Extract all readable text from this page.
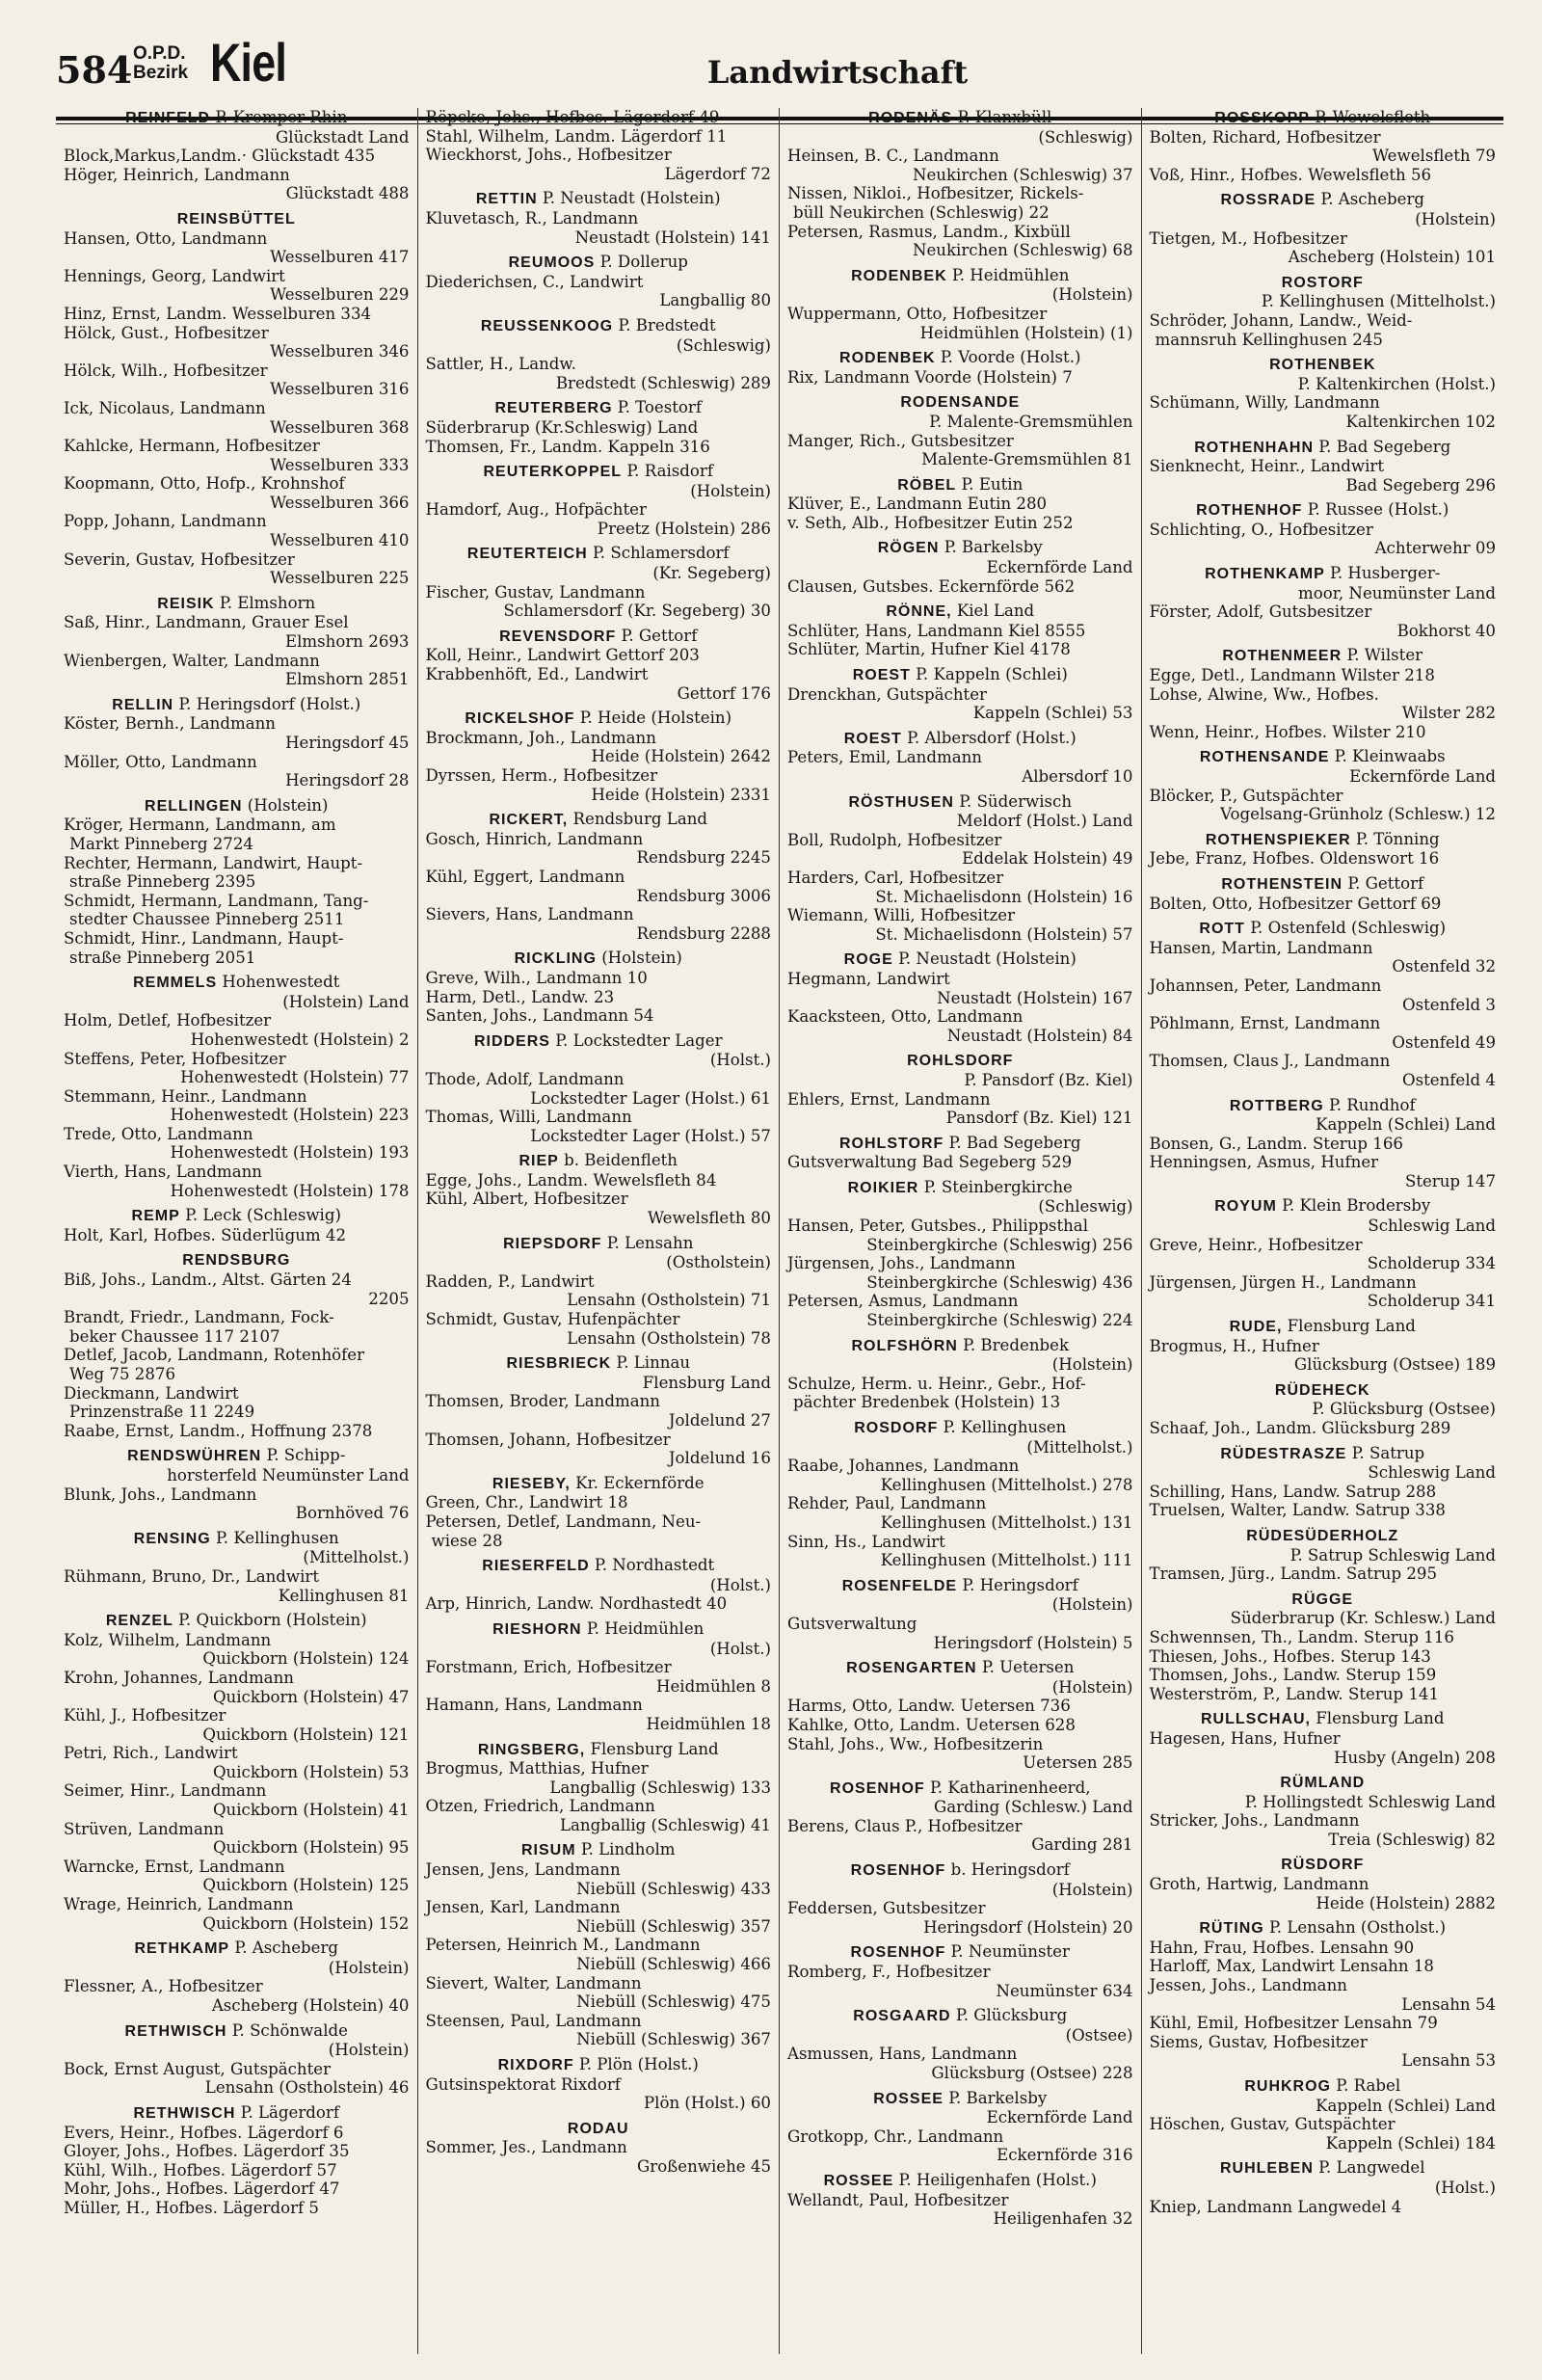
584 O.P.D.
Bezirk Kiel	Landwirtschaft
REINFELD P. Kremper Rhin
Glückstadt Land
Block,Markus,Landm.· Glückstadt 435
Höger, Heinrich, Landmann
Glückstadt 488
REINSBÜTTEL
Hansen, Otto, Landmann
Wesselburen 417
Hennings, Georg, Landwirt
Wesselburen 229
Hinz, Ernst, Landm. Wesselburen 334
Hölck, Gust., Hofbesitzer
Wesselburen 346
Hölck, Wilh., Hofbesitzer
Wesselburen 316
Ick, Nicolaus, Landmann
Wesselburen 368
Kahlcke, Hermann, Hofbesitzer
Wesselburen 333
Koopmann, Otto, Hofp., Krohnshof
Wesselburen 366
Popp, Johann, Landmann
Wesselburen 410
Severin, Gustav, Hofbesitzer
Wesselburen 225
REISIK P. Elmshorn
Saß, Hinr., Landmann, Grauer Esel
Elmshorn 2693
Wienbergen, Walter, Landmann
Elmshorn 2851
RELLIN P. Heringsdorf (Holst.)
Köster, Bernh., Landmann
Heringsdorf 45
Möller, Otto, Landmann
Heringsdorf 28
RELLINGEN (Holstein)
Kröger, Hermann, Landmann, am
Markt Pinneberg 2724
Rechter, Hermann, Landwirt, Haupt-
straße Pinneberg 2395
Schmidt, Hermann, Landmann, Tang-
stedter Chaussee Pinneberg 2511
Schmidt, Hinr., Landmann, Haupt-
straße Pinneberg 2051
REMMELS Hohenwestedt
(Holstein) Land
Holm, Detlef, Hofbesitzer
Hohenwestedt (Holstein) 2
Steffens, Peter, Hofbesitzer
Hohenwestedt (Holstein) 77
Stemmann, Heinr., Landmann
Hohenwestedt (Holstein) 223
Trede, Otto, Landmann
Hohenwestedt (Holstein) 193
Vierth, Hans, Landmann
Hohenwestedt (Holstein) 178
REMP P. Leck (Schleswig)
Holt, Karl, Hofbes. Süderlügum 42
RENDSBURG
Biß, Johs., Landm., Altst. Gärten 24
2205
Brandt, Friedr., Landmann, Fock-
beker Chaussee 117 2107
Detlef, Jacob, Landmann, Rotenhöfer
Weg 75 2876
Dieckmann, Landwirt
Prinzenstraße 11 2249
Raabe, Ernst, Landm., Hoffnung 2378
RENDSWÜHREN P. Schipp-
horsterfeld Neumünster Land
Blunk, Johs., Landmann
Bornhöved 76
RENSING P. Kellinghusen
(Mittelholst.)
Rühmann, Bruno, Dr., Landwirt
Kellinghusen 81
RENZEL P. Quickborn (Holstein)
Kolz, Wilhelm, Landmann
Quickborn (Holstein) 124
Krohn, Johannes, Landmann
Quickborn (Holstein) 47
Kühl, J., Hofbesitzer
Quickborn (Holstein) 121
Petri, Rich., Landwirt
Quickborn (Holstein) 53
Seimer, Hinr., Landmann
Quickborn (Holstein) 41
Strüven, Landmann
Quickborn (Holstein) 95
Warncke, Ernst, Landmann
Quickborn (Holstein) 125
Wrage, Heinrich, Landmann
Quickborn (Holstein) 152
RETHKAMP P. Ascheberg
(Holstein)
Flessner, A., Hofbesitzer
Ascheberg (Holstein) 40
RETHWISCH P. Schönwalde
(Holstein)
Bock, Ernst August, Gutspächter
Lensahn (Ostholstein) 46
RETHWISCH P. Lägerdorf
Evers, Heinr., Hofbes. Lägerdorf 6
Gloyer, Johs., Hofbes. Lägerdorf 35
Kühl, Wilh., Hofbes. Lägerdorf 57
Mohr, Johs., Hofbes. Lägerdorf 47
Müller, H., Hofbes. Lägerdorf 5
Röpcke, Johs., Hofbes. Lägerdorf 49
Stahl, Wilhelm, Landm. Lägerdorf 11
Wieckhorst, Johs., Hofbesitzer
Lägerdorf 72
RETTIN P. Neustadt (Holstein)
Kluvetasch, R., Landmann
Neustadt (Holstein) 141
REUMOOS P. Dollerup
Diederichsen, C., Landwirt
Langballig 80
REUSSENKOOG P. Bredstedt
(Schleswig)
Sattler, H., Landw.
Bredstedt (Schleswig) 289
REUTERBERG P. Toestorf
Süderbrarup (Kr.Schleswig) Land
Thomsen, Fr., Landm. Kappeln 316
REUTERKOPPEL P. Raisdorf
(Holstein)
Hamdorf, Aug., Hofpächter
Preetz (Holstein) 286
REUTERTEICH P. Schlamersdorf
(Kr. Segeberg)
Fischer, Gustav, Landmann
Schlamersdorf (Kr. Segeberg) 30
REVENSDORF P. Gettorf
Koll, Heinr., Landwirt Gettorf 203
Krabbenhöft, Ed., Landwirt
Gettorf 176
RICKELSHOF P. Heide (Holstein)
Brockmann, Joh., Landmann
Heide (Holstein) 2642
Dyrssen, Herm., Hofbesitzer
Heide (Holstein) 2331
RICKERT, Rendsburg Land
Gosch, Hinrich, Landmann
Rendsburg 2245
Kühl, Eggert, Landmann
Rendsburg 3006
Sievers, Hans, Landmann
Rendsburg 2288
RICKLING (Holstein)
Greve, Wilh., Landmann 10
Harm, Detl., Landw. 23
Santen, Johs., Landmann 54
RIDDERS P. Lockstedter Lager
(Holst.)
Thode, Adolf, Landmann
Lockstedter Lager (Holst.) 61
Thomas, Willi, Landmann
Lockstedter Lager (Holst.) 57
RIEP b. Beidenfleth
Egge, Johs., Landm. Wewelsfleth 84
Kühl, Albert, Hofbesitzer
Wewelsfleth 80
RIEPSDORF P. Lensahn
(Ostholstein)
Radden, P., Landwirt
Lensahn (Ostholstein) 71
Schmidt, Gustav, Hufenpächter
Lensahn (Ostholstein) 78
RIESBRIECK P. Linnau
Flensburg Land
Thomsen, Broder, Landmann
Joldelund 27
Thomsen, Johann, Hofbesitzer
Joldelund 16
RIESEBY, Kr. Eckernförde
Green, Chr., Landwirt 18
Petersen, Detlef, Landmann, Neu-
wiese 28
RIESERFELD P. Nordhastedt
(Holst.)
Arp, Hinrich, Landw. Nordhastedt 40
RIESHORN P. Heidmühlen
(Holst.)
Forstmann, Erich, Hofbesitzer
Heidmühlen 8
Hamann, Hans, Landmann
Heidmühlen 18
RINGSBERG, Flensburg Land
Brogmus, Matthias, Hufner
Langballig (Schleswig) 133
Otzen, Friedrich, Landmann
Langballig (Schleswig) 41
RISUM P. Lindholm
Jensen, Jens, Landmann
Niebüll (Schleswig) 433
Jensen, Karl, Landmann
Niebüll (Schleswig) 357
Petersen, Heinrich M., Landmann
Niebüll (Schleswig) 466
Sievert, Walter, Landmann
Niebüll (Schleswig) 475
Steensen, Paul, Landmann
Niebüll (Schleswig) 367
RIXDORF P. Plön (Holst.)
Gutsinspektorat Rixdorf
Plön (Holst.) 60
RODAU
Sommer, Jes., Landmann
Großenwiehe 45
RODENÄS P. Klanxbüll
(Schleswig)
Heinsen, B. C., Landmann
Neukirchen (Schleswig) 37
Nissen, Nikloi., Hofbesitzer, Rickels-
büll Neukirchen (Schleswig) 22
Petersen, Rasmus, Landm., Kixbüll
Neukirchen (Schleswig) 68
RODENBEK P. Heidmühlen
(Holstein)
Wuppermann, Otto, Hofbesitzer
Heidmühlen (Holstein) (1)
RODENBEK P. Voorde (Holst.)
Rix, Landmann Voorde (Holstein) 7
RODENSANDE
P. Malente-Gremsmühlen
Manger, Rich., Gutsbesitzer
Malente-Gremsmühlen 81
RÖBEL P. Eutin
Klüver, E., Landmann Eutin 280
v. Seth, Alb., Hofbesitzer Eutin 252
RÖGEN P. Barkelsby
Eckernförde Land
Clausen, Gutsbes. Eckernförde 562
RÖNNE, Kiel Land
Schlüter, Hans, Landmann Kiel 8555
Schlüter, Martin, Hufner Kiel 4178
ROEST P. Kappeln (Schlei)
Drenckhan, Gutspächter
Kappeln (Schlei) 53
ROEST P. Albersdorf (Holst.)
Peters, Emil, Landmann
Albersdorf 10
RÖSTHUSEN P. Süderwisch
Meldorf (Holst.) Land
Boll, Rudolph, Hofbesitzer
Eddelak Holstein) 49
Harders, Carl, Hofbesitzer
St. Michaelisdonn (Holstein) 16
Wiemann, Willi, Hofbesitzer
St. Michaelisdonn (Holstein) 57
ROGE P. Neustadt (Holstein)
Hegmann, Landwirt
Neustadt (Holstein) 167
Kaacksteen, Otto, Landmann
Neustadt (Holstein) 84
ROHLSDORF
P. Pansdorf (Bz. Kiel)
Ehlers, Ernst, Landmann
Pansdorf (Bz. Kiel) 121
ROHLSTORF P. Bad Segeberg
Gutsverwaltung Bad Segeberg 529
ROIKIER P. Steinbergkirche
(Schleswig)
Hansen, Peter, Gutsbes., Philippsthal
Steinbergkirche (Schleswig) 256
Jürgensen, Johs., Landmann
Steinbergkirche (Schleswig) 436
Petersen, Asmus, Landmann
Steinbergkirche (Schleswig) 224
ROLFSHÖRN P. Bredenbek
(Holstein)
Schulze, Herm. u. Heinr., Gebr., Hof-
pächter Bredenbek (Holstein) 13
ROSDORF P. Kellinghusen
(Mittelholst.)
Raabe, Johannes, Landmann
Kellinghusen (Mittelholst.) 278
Rehder, Paul, Landmann
Kellinghusen (Mittelholst.) 131
Sinn, Hs., Landwirt
Kellinghusen (Mittelholst.) 111
ROSENFELDE P. Heringsdorf
(Holstein)
Gutsverwaltung
Heringsdorf (Holstein) 5
ROSENGARTEN P. Uetersen
(Holstein)
Harms, Otto, Landw. Uetersen 736
Kahlke, Otto, Landm. Uetersen 628
Stahl, Johs., Ww., Hofbesitzerin
Uetersen 285
ROSENHOF P. Katharinenheerd,
Garding (Schlesw.) Land
Berens, Claus P., Hofbesitzer
Garding 281
ROSENHOF b. Heringsdorf
(Holstein)
Feddersen, Gutsbesitzer
Heringsdorf (Holstein) 20
ROSENHOF P. Neumünster
Romberg, F., Hofbesitzer
Neumünster 634
ROSGAARD P. Glücksburg
(Ostsee)
Asmussen, Hans, Landmann
Glücksburg (Ostsee) 228
ROSSEE P. Barkelsby
Eckernförde Land
Grotkopp, Chr., Landmann
Eckernförde 316
ROSSEE P. Heiligenhafen (Holst.)
Wellandt, Paul, Hofbesitzer
Heiligenhafen 32
ROSSKOPP P. Wewelsfleth
Bolten, Richard, Hofbesitzer
Wewelsfleth 79
Voß, Hinr., Hofbes. Wewelsfleth 56
ROSSRADE P. Ascheberg
(Holstein)
Tietgen, M., Hofbesitzer
Ascheberg (Holstein) 101
ROSTORF
P. Kellinghusen (Mittelholst.)
Schröder, Johann, Landw., Weid-
mannsruh Kellinghusen 245
ROTHENBEK
P. Kaltenkirchen (Holst.)
Schümann, Willy, Landmann
Kaltenkirchen 102
ROTHENHAHN P. Bad Segeberg
Sienknecht, Heinr., Landwirt
Bad Segeberg 296
ROTHENHOF P. Russee (Holst.)
Schlichting, O., Hofbesitzer
Achterwehr 09
ROTHENKAMP P. Husberger-
moor, Neumünster Land
Förster, Adolf, Gutsbesitzer
Bokhorst 40
ROTHENMEER P. Wilster
Egge, Detl., Landmann Wilster 218
Lohse, Alwine, Ww., Hofbes.
Wilster 282
Wenn, Heinr., Hofbes. Wilster 210
ROTHENSANDE P. Kleinwaabs
Eckernförde Land
Blöcker, P., Gutspächter
Vogelsang-Grünholz (Schlesw.) 12
ROTHENSPIEKER P. Tönning
Jebe, Franz, Hofbes. Oldenswort 16
ROTHENSTEIN P. Gettorf
Bolten, Otto, Hofbesitzer Gettorf 69
ROTT P. Ostenfeld (Schleswig)
Hansen, Martin, Landmann
Ostenfeld 32
Johannsen, Peter, Landmann
Ostenfeld 3
Pöhlmann, Ernst, Landmann
Ostenfeld 49
Thomsen, Claus J., Landmann
Ostenfeld 4
ROTTBERG P. Rundhof
Kappeln (Schlei) Land
Bonsen, G., Landm. Sterup 166
Henningsen, Asmus, Hufner
Sterup 147
ROYUM P. Klein Brodersby
Schleswig Land
Greve, Heinr., Hofbesitzer
Scholderup 334
Jürgensen, Jürgen H., Landmann
Scholderup 341
RUDE, Flensburg Land
Brogmus, H., Hufner
Glücksburg (Ostsee) 189
RÜDEHECK
P. Glücksburg (Ostsee)
Schaaf, Joh., Landm. Glücksburg 289
RÜDESTRASZE P. Satrup
Schleswig Land
Schilling, Hans, Landw. Satrup 288
Truelsen, Walter, Landw. Satrup 338
RÜDESÜDERHOLZ
P. Satrup Schleswig Land
Tramsen, Jürg., Landm. Satrup 295
RÜGGE
Süderbrarup (Kr. Schlesw.) Land
Schwennsen, Th., Landm. Sterup 116
Thiesen, Johs., Hofbes. Sterup 143
Thomsen, Johs., Landw. Sterup 159
Westerström, P., Landw. Sterup 141
RULLSCHAU, Flensburg Land
Hagesen, Hans, Hufner
Husby (Angeln) 208
RÜMLAND
P. Hollingstedt Schleswig Land
Stricker, Johs., Landmann
Treia (Schleswig) 82
RÜSDORF
Groth, Hartwig, Landmann
Heide (Holstein) 2882
RÜTING P. Lensahn (Ostholst.)
Hahn, Frau, Hofbes. Lensahn 90
Harloff, Max, Landwirt Lensahn 18
Jessen, Johs., Landmann
Lensahn 54
Kühl, Emil, Hofbesitzer Lensahn 79
Siems, Gustav, Hofbesitzer
Lensahn 53
RUHKROG P. Rabel
Kappeln (Schlei) Land
Höschen, Gustav, Gutspächter
Kappeln (Schlei) 184
RUHLEBEN P. Langwedel
(Holst.)
Kniep, Landmann Langwedel 4
